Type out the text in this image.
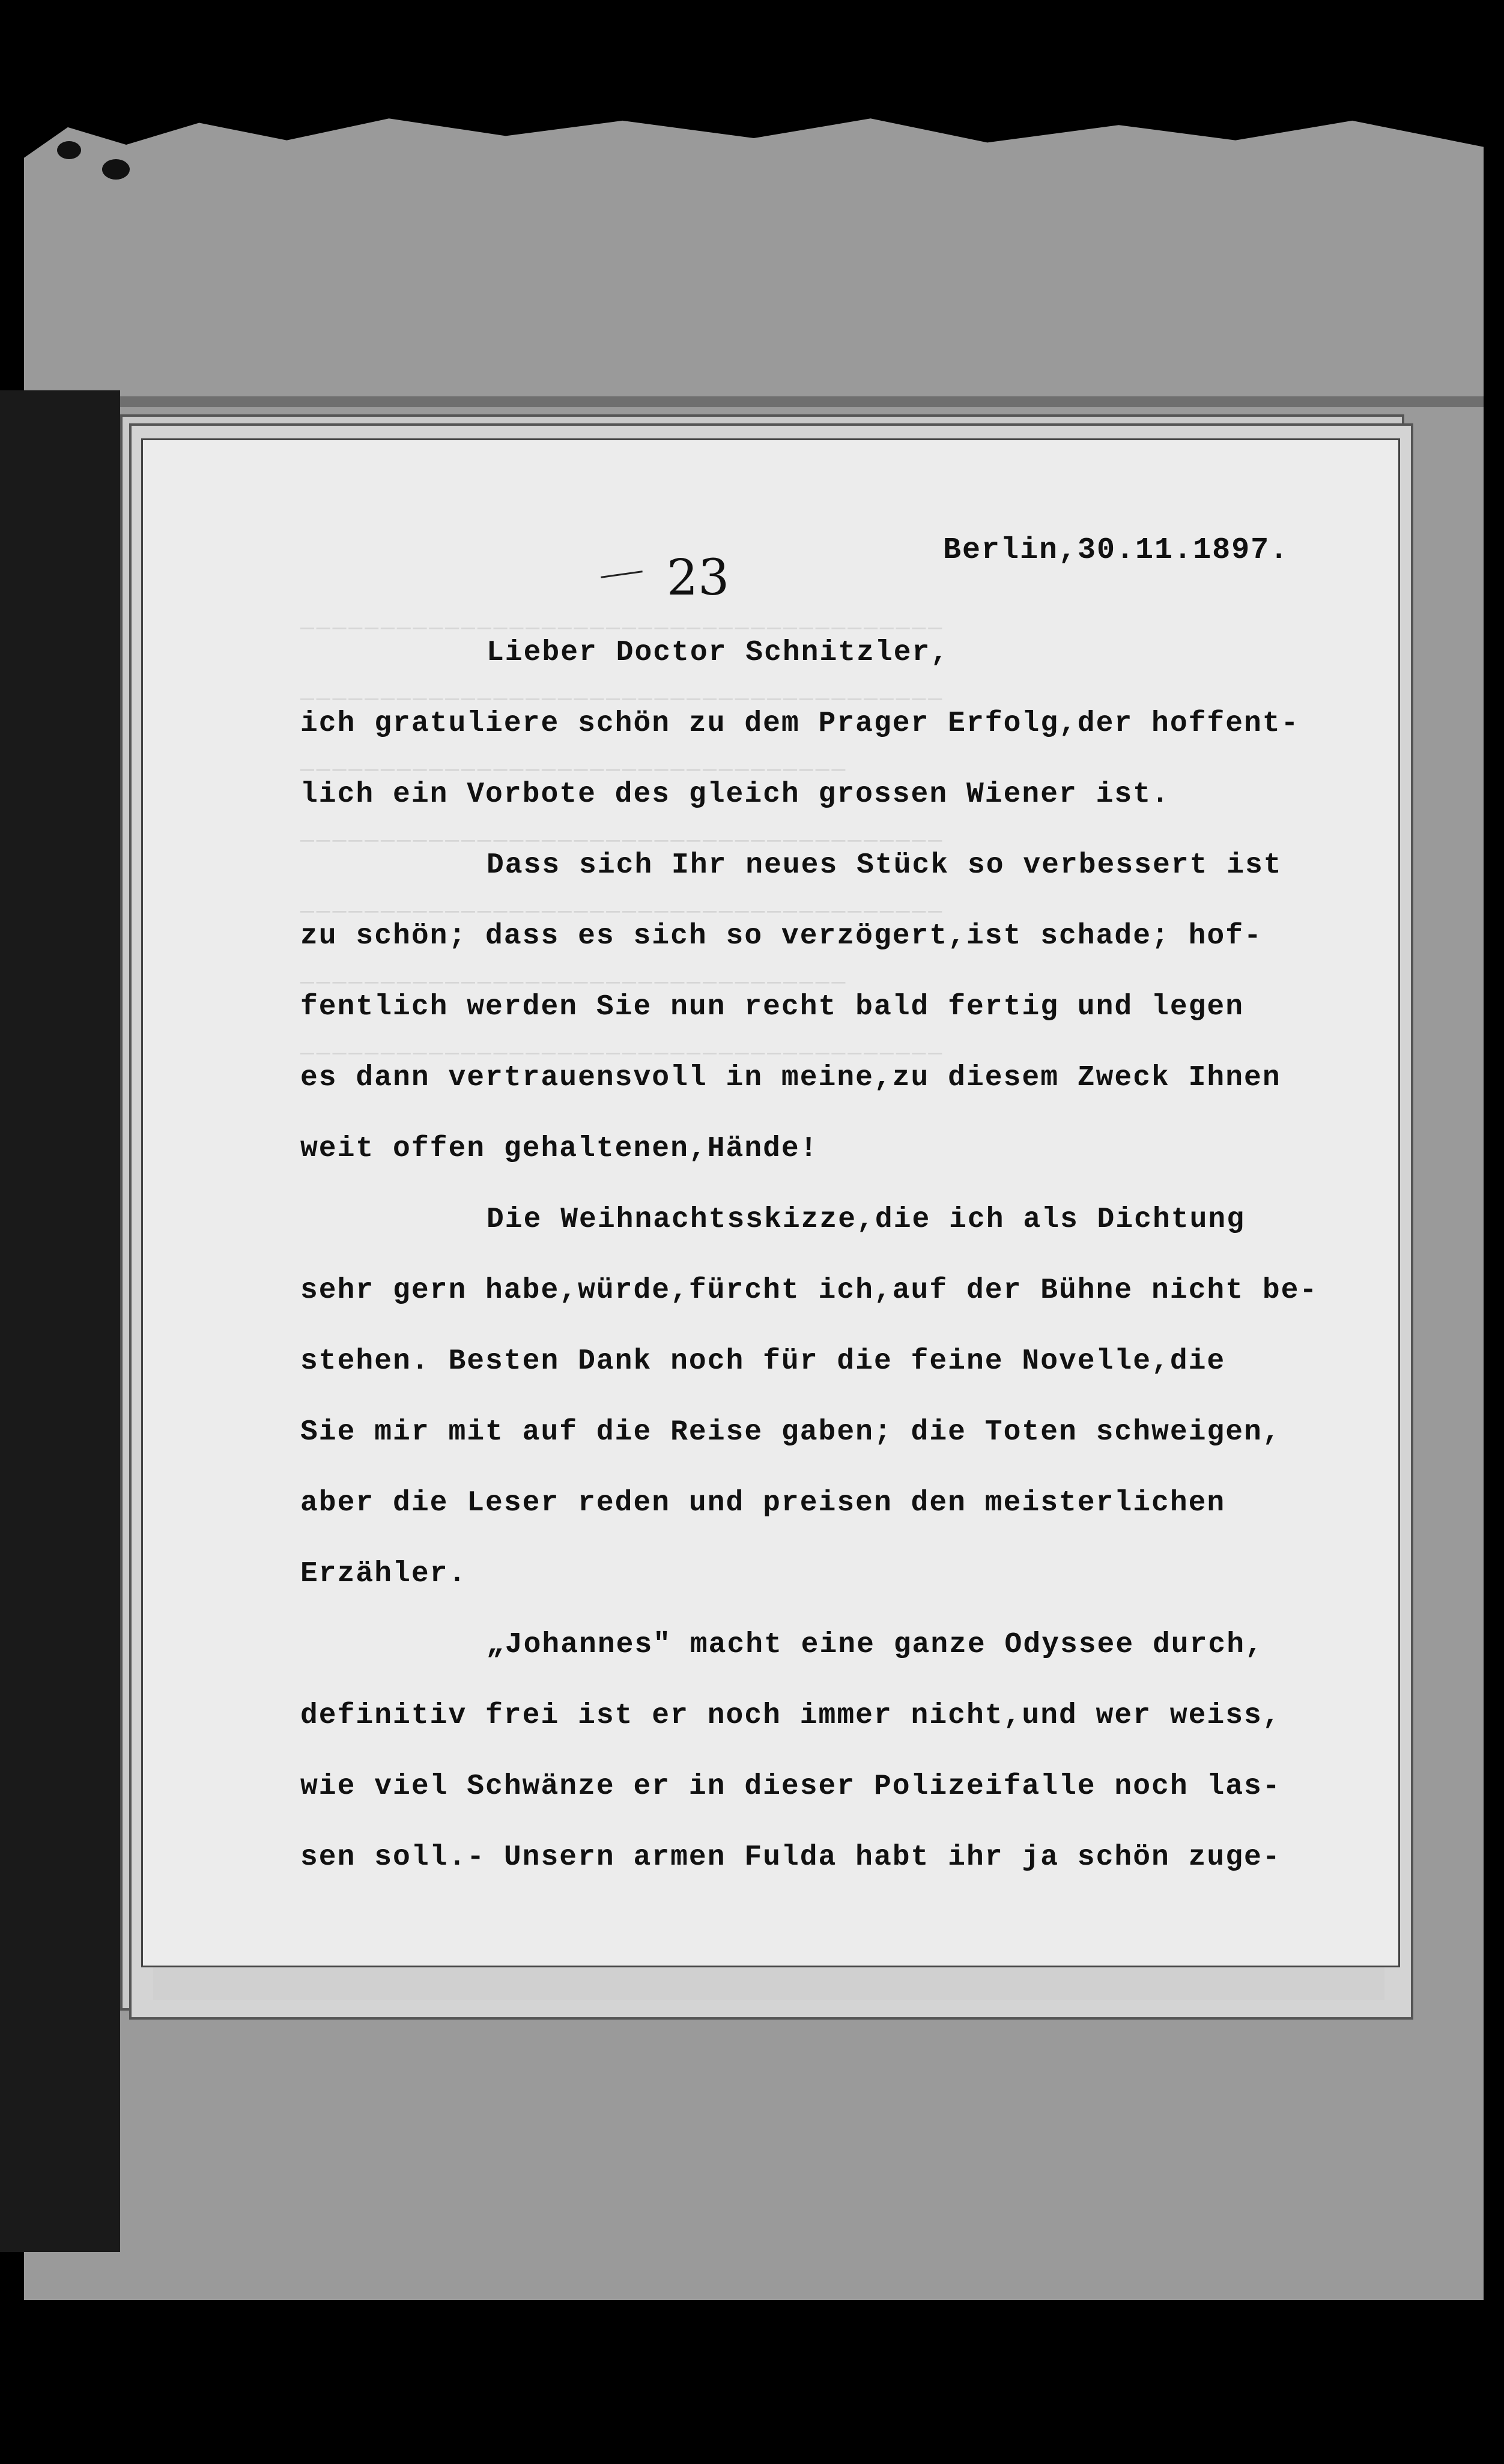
────────────────────────────────────────
────────────────────────────────────────
──────────────────────────────────
────────────────────────────────────────
────────────────────────────────────────
──────────────────────────────────
────────────────────────────────────────
23	Berlin,30.11.1897.
Lieber Doctor Schnitzler,
ich gratuliere schön zu dem Prager Erfolg,der hoffent-
lich ein Vorbote des gleich grossen Wiener ist.
Dass sich Ihr neues Stück so verbessert ist
zu schön; dass es sich so verzögert,ist schade; hof-
fentlich werden Sie nun recht bald fertig und legen
es dann vertrauensvoll in meine,zu diesem Zweck Ihnen
weit offen gehaltenen,Hände!
Die Weihnachtsskizze,die ich als Dichtung
sehr gern habe,würde,fürcht ich,auf der Bühne nicht be-
stehen. Besten Dank noch für die feine Novelle,die
Sie mir mit auf die Reise gaben; die Toten schweigen,
aber die Leser reden und preisen den meisterlichen
Erzähler.
„Johannes" macht eine ganze Odyssee durch,
definitiv frei ist er noch immer nicht,und wer weiss,
wie viel Schwänze er in dieser Polizeifalle noch las-
sen soll.- Unsern armen Fulda habt ihr ja schön zuge-
